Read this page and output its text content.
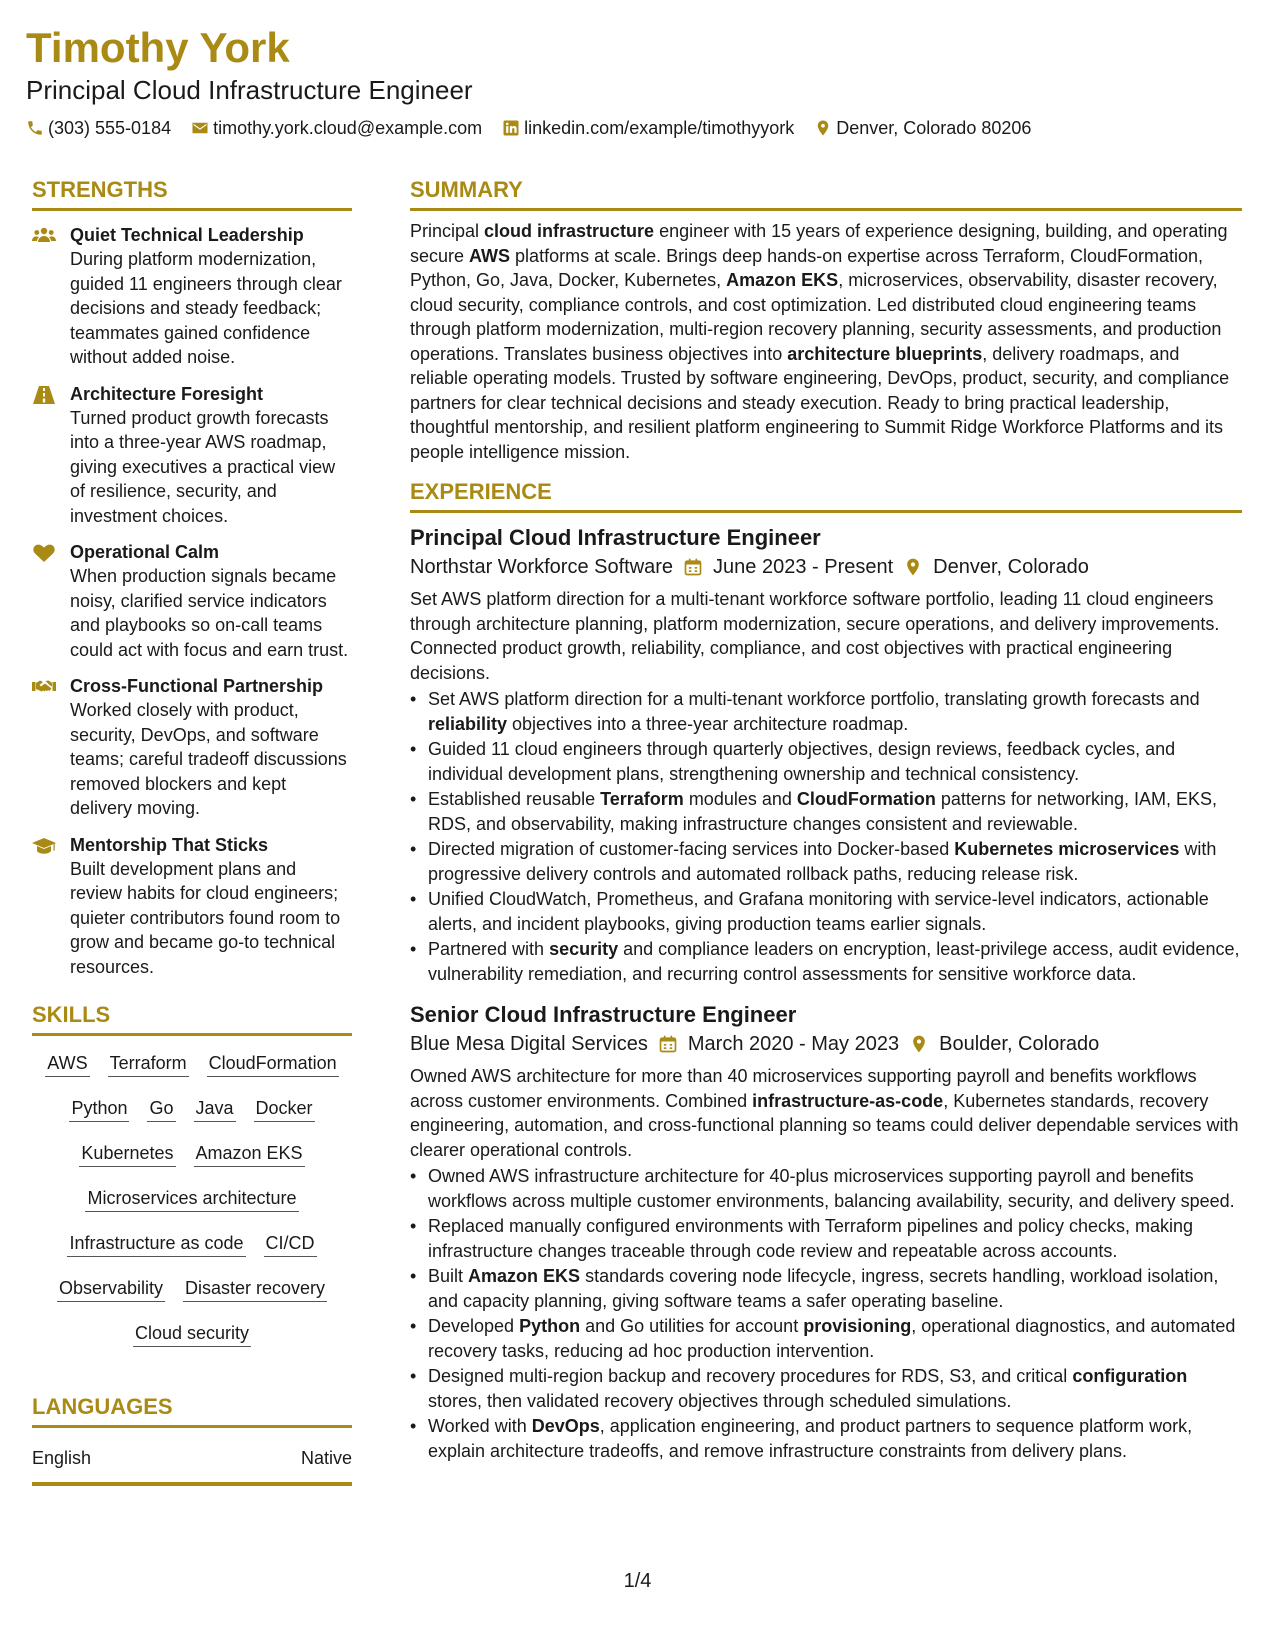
Timothy York
Principal Cloud Infrastructure Engineer
(303) 555-0184 timothy.york.cloud@example.com linkedin.com/example/timothyyork Denver, Colorado 80206
STRENGTHS
Quiet Technical Leadership
During platform modernization, guided 11 engineers through clear decisions and steady feedback; teammates gained confidence without added noise.
Architecture Foresight
Turned product growth forecasts into a three-year AWS roadmap, giving executives a practical view of resilience, security, and investment choices.
Operational Calm
When production signals became noisy, clarified service indicators and playbooks so on-call teams could act with focus and earn trust.
Cross-Functional Partnership
Worked closely with product, security, DevOps, and software teams; careful tradeoff discussions removed blockers and kept delivery moving.
Mentorship That Sticks
Built development plans and review habits for cloud engineers; quieter contributors found room to grow and became go-to technical resources.
SKILLS
AWS Terraform CloudFormation
Python Go Java Docker
Kubernetes Amazon EKS
Microservices architecture
Infrastructure as code CI/CD
Observability Disaster recovery
Cloud security
LANGUAGES
English	Native
SUMMARY
Principal cloud infrastructure engineer with 15 years of experience designing, building, and operating secure AWS platforms at scale. Brings deep hands-on expertise across Terraform, CloudFormation, Python, Go, Java, Docker, Kubernetes, Amazon EKS, microservices, observability, disaster recovery, cloud security, compliance controls, and cost optimization. Led distributed cloud engineering teams through platform modernization, multi-region recovery planning, security assessments, and production operations. Translates business objectives into architecture blueprints, delivery roadmaps, and reliable operating models. Trusted by software engineering, DevOps, product, security, and compliance partners for clear technical decisions and steady execution. Ready to bring practical leadership, thoughtful mentorship, and resilient platform engineering to Summit Ridge Workforce Platforms and its people intelligence mission.
EXPERIENCE
Principal Cloud Infrastructure Engineer
Northstar Workforce Software June 2023 - Present Denver, Colorado
Set AWS platform direction for a multi-tenant workforce software portfolio, leading 11 cloud engineers through architecture planning, platform modernization, secure operations, and delivery improvements. Connected product growth, reliability, compliance, and cost objectives with practical engineering decisions.
• Set AWS platform direction for a multi-tenant workforce portfolio, translating growth forecasts and reliability objectives into a three-year architecture roadmap.
• Guided 11 cloud engineers through quarterly objectives, design reviews, feedback cycles, and individual development plans, strengthening ownership and technical consistency.
• Established reusable Terraform modules and CloudFormation patterns for networking, IAM, EKS, RDS, and observability, making infrastructure changes consistent and reviewable.
• Directed migration of customer-facing services into Docker-based Kubernetes microservices with progressive delivery controls and automated rollback paths, reducing release risk.
• Unified CloudWatch, Prometheus, and Grafana monitoring with service-level indicators, actionable alerts, and incident playbooks, giving production teams earlier signals.
• Partnered with security and compliance leaders on encryption, least-privilege access, audit evidence, vulnerability remediation, and recurring control assessments for sensitive workforce data.
Senior Cloud Infrastructure Engineer
Blue Mesa Digital Services March 2020 - May 2023 Boulder, Colorado
Owned AWS architecture for more than 40 microservices supporting payroll and benefits workflows across customer environments. Combined infrastructure-as-code, Kubernetes standards, recovery engineering, automation, and cross-functional planning so teams could deliver dependable services with clearer operational controls.
• Owned AWS infrastructure architecture for 40-plus microservices supporting payroll and benefits workflows across multiple customer environments, balancing availability, security, and delivery speed.
• Replaced manually configured environments with Terraform pipelines and policy checks, making infrastructure changes traceable through code review and repeatable across accounts.
• Built Amazon EKS standards covering node lifecycle, ingress, secrets handling, workload isolation, and capacity planning, giving software teams a safer operating baseline.
• Developed Python and Go utilities for account provisioning, operational diagnostics, and automated recovery tasks, reducing ad hoc production intervention.
• Designed multi-region backup and recovery procedures for RDS, S3, and critical configuration stores, then validated recovery objectives through scheduled simulations.
• Worked with DevOps, application engineering, and product partners to sequence platform work, explain architecture tradeoffs, and remove infrastructure constraints from delivery plans.
1/4
